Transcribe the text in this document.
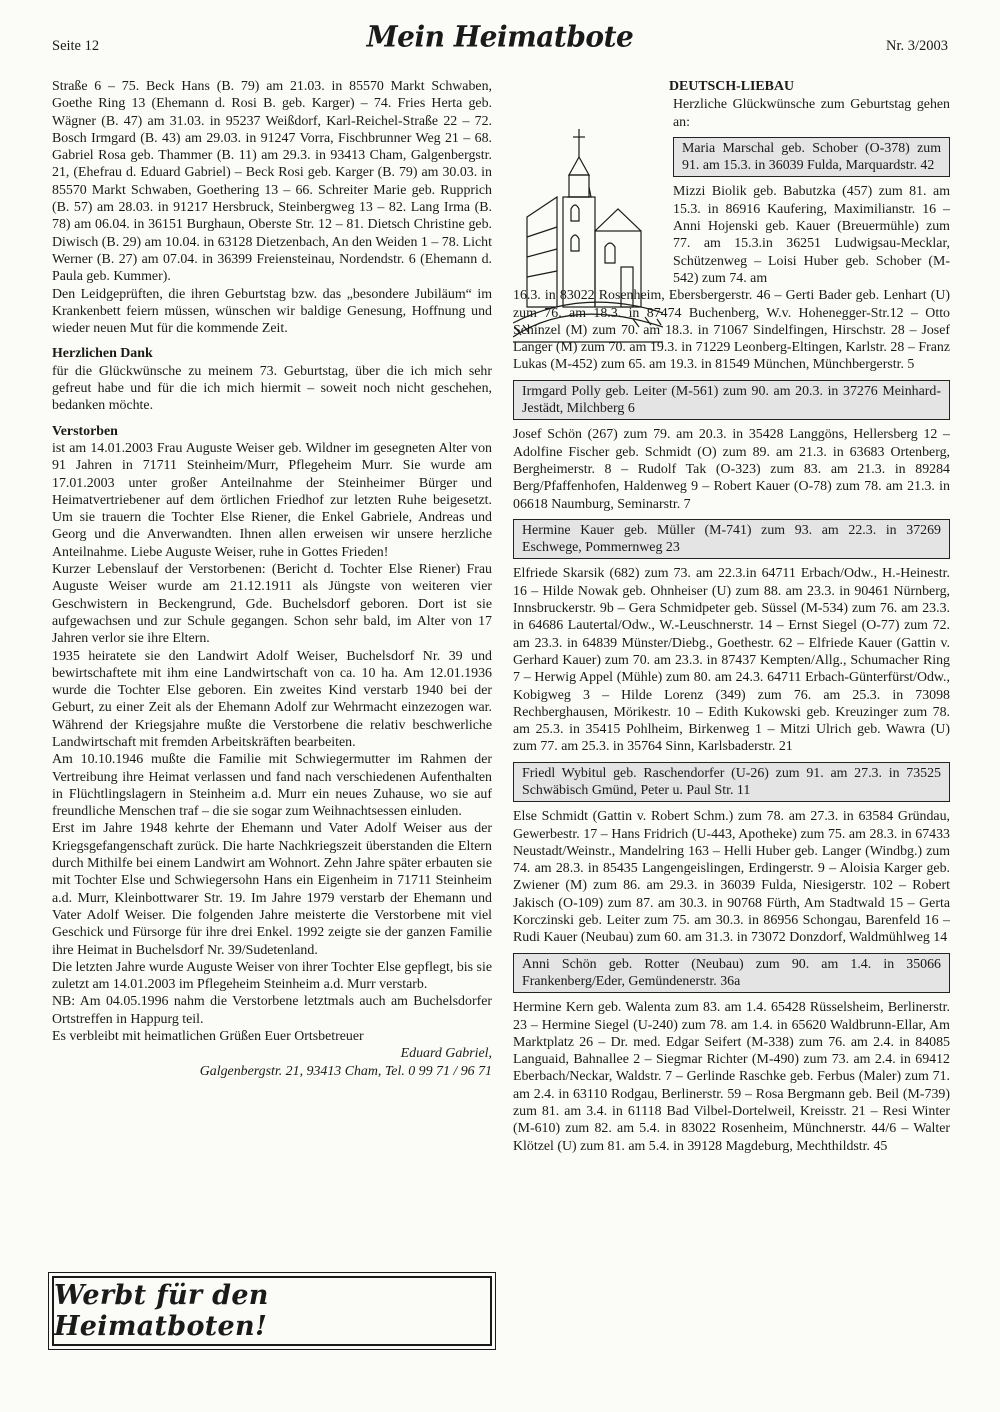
Seite 12	Mein Heimatbote	Nr. 3/2003

Straße 6 – 75. Beck Hans (B. 79) am 21.03. in 85570 Markt Schwaben, Goethe Ring 13 (Ehemann d. Rosi B. geb. Karger) – 74. Fries Herta geb. Wägner (B. 47) am 31.03. in 95237 Weißdorf, Karl-Reichel-Straße 22 – 72. Bosch Irmgard (B. 43) am 29.03. in 91247 Vorra, Fischbrunner Weg 21 – 68. Gabriel Rosa geb. Thammer (B. 11) am 29.3. in 93413 Cham, Galgenbergstr. 21, (Ehefrau d. Eduard Gabriel) – Beck Rosi geb. Karger (B. 79) am 30.03. in 85570 Markt Schwaben, Goethering 13 – 66. Schreiter Marie geb. Rupprich (B. 57) am 28.03. in 91217 Hersbruck, Steinbergweg 13 – 82. Lang Irma (B. 78) am 06.04. in 36151 Burghaun, Oberste Str. 12 – 81. Dietsch Christine geb. Diwisch (B. 29) am 10.04. in 63128 Dietzenbach, An den Weiden 1 – 78. Licht Werner (B. 27) am 07.04. in 36399 Freiensteinau, Nordendstr. 6 (Ehemann d. Paula geb. Kummer).

Den Leidgeprüften, die ihren Geburtstag bzw. das „besondere Jubiläum“ im Krankenbett feiern müssen, wünschen wir baldige Genesung, Hoffnung und wieder neuen Mut für die kommende Zeit.

Herzlichen Dank

für die Glückwünsche zu meinem 73. Geburtstag, über die ich mich sehr gefreut habe und für die ich mich hiermit – soweit noch nicht geschehen, bedanken möchte.

Verstorben

ist am 14.01.2003 Frau Auguste Weiser geb. Wildner im gesegneten Alter von 91 Jahren in 71711 Steinheim/Murr, Pflegeheim Murr. Sie wurde am 17.01.2003 unter großer Anteilnahme der Steinheimer Bürger und Heimatvertriebener auf dem örtlichen Friedhof zur letzten Ruhe beigesetzt. Um sie trauern die Tochter Else Riener, die Enkel Gabriele, Andreas und Georg und die Anverwandten. Ihnen allen erweisen wir unsere herzliche Anteilnahme. Liebe Auguste Weiser, ruhe in Gottes Frieden!

Kurzer Lebenslauf der Verstorbenen: (Bericht d. Tochter Else Riener) Frau Auguste Weiser wurde am 21.12.1911 als Jüngste von weiteren vier Geschwistern in Beckengrund, Gde. Buchelsdorf geboren. Dort ist sie aufgewachsen und zur Schule gegangen. Schon sehr bald, im Alter von 17 Jahren verlor sie ihre Eltern.

1935 heiratete sie den Landwirt Adolf Weiser, Buchelsdorf Nr. 39 und bewirtschaftete mit ihm eine Landwirtschaft von ca. 10 ha. Am 12.01.1936 wurde die Tochter Else geboren. Ein zweites Kind verstarb 1940 bei der Geburt, zu einer Zeit als der Ehemann Adolf zur Wehrmacht einzezogen war. Während der Kriegsjahre mußte die Verstorbene die relativ beschwerliche Landwirtschaft mit fremden Arbeitskräften bearbeiten.

Am 10.10.1946 mußte die Familie mit Schwiegermutter im Rahmen der Vertreibung ihre Heimat verlassen und fand nach verschiedenen Aufenthalten in Flüchtlingslagern in Steinheim a.d. Murr ein neues Zuhause, wo sie auf freundliche Menschen traf – die sie sogar zum Weihnachtsessen einluden.

Erst im Jahre 1948 kehrte der Ehemann und Vater Adolf Weiser aus der Kriegsgefangenschaft zurück. Die harte Nachkriegszeit überstanden die Eltern durch Mithilfe bei einem Landwirt am Wohnort. Zehn Jahre später erbauten sie mit Tochter Else und Schwiegersohn Hans ein Eigenheim in 71711 Steinheim a.d. Murr, Kleinbottwarer Str. 19. Im Jahre 1979 verstarb der Ehemann und Vater Adolf Weiser. Die folgenden Jahre meisterte die Verstorbene mit viel Geschick und Fürsorge für ihre drei Enkel. 1992 zeigte sie der ganzen Familie ihre Heimat in Buchelsdorf Nr. 39/Sudetenland.

Die letzten Jahre wurde Auguste Weiser von ihrer Tochter Else gepflegt, bis sie zuletzt am 14.01.2003 im Pflegeheim Steinheim a.d. Murr verstarb.

NB: Am 04.05.1996 nahm die Verstorbene letztmals auch am Buchelsdorfer Ortstreffen in Happurg teil.

Es verbleibt mit heimatlichen Grüßen Euer Ortsbetreuer

Eduard Gabriel,

Galgenbergstr. 21, 93413 Cham, Tel. 0 99 71 / 96 71

Werbt für den Heimatboten!

DEUTSCH-LIEBAU

Herzliche Glückwünsche zum Geburtstag gehen an:

Maria Marschal geb. Schober (O-378) zum 91. am 15.3. in 36039 Fulda, Marquardstr. 42

Mizzi Biolik geb. Babutzka (457) zum 81. am 15.3. in 86916 Kaufering, Maximilianstr. 16 – Anni Hojenski geb. Kauer (Breuermühle) zum 77. am 15.3.in 36251 Ludwigsau-Mecklar, Schützenweg – Loisi Huber geb. Schober (M-542) zum 74. am

16.3. in 83022 Rosenheim, Ebersbergerstr. 46 – Gerti Bader geb. Lenhart (U) zum 76. am 18.3. in 87474 Buchenberg, W.v. Hohenegger-Str.12 – Otto Schinzel (M) zum 70. am 18.3. in 71067 Sindelfingen, Hirschstr. 28 – Josef Langer (M) zum 70. am 19.3. in 71229 Leonberg-Eltingen, Karlstr. 28 – Franz Lukas (M-452) zum 65. am 19.3. in 81549 München, Münchbergerstr. 5

Irmgard Polly geb. Leiter (M-561) zum 90. am 20.3. in 37276 Meinhard-Jestädt, Milchberg 6

Josef Schön (267) zum 79. am 20.3. in 35428 Langgöns, Hellersberg 12 – Adolfine Fischer geb. Schmidt (O) zum 89. am 21.3. in 63683 Ortenberg, Bergheimerstr. 8 – Rudolf Tak (O-323) zum 83. am 21.3. in 89284 Berg/Pfaffenhofen, Haldenweg 9 – Robert Kauer (O-78) zum 78. am 21.3. in 06618 Naumburg, Seminarstr. 7

Hermine Kauer geb. Müller (M-741) zum 93. am 22.3. in 37269 Eschwege, Pommernweg 23

Elfriede Skarsik (682) zum 73. am 22.3.in 64711 Erbach/Odw., H.-Heinestr. 16 – Hilde Nowak geb. Ohnheiser (U) zum 88. am 23.3. in 90461 Nürnberg, Innsbruckerstr. 9b – Gera Schmidpeter geb. Süssel (M-534) zum 76. am 23.3. in 64686 Lautertal/Odw., W.-Leuschnerstr. 14 – Ernst Siegel (O-77) zum 72. am 23.3. in 64839 Münster/Diebg., Goethestr. 62 – Elfriede Kauer (Gattin v. Gerhard Kauer) zum 70. am 23.3. in 87437 Kempten/Allg., Schumacher Ring 7 – Herwig Appel (Mühle) zum 80. am 24.3. 64711 Erbach-Günterfürst/Odw., Kobigweg 3 – Hilde Lorenz (349) zum 76. am 25.3. in 73098 Rechberghausen, Mörikestr. 10 – Edith Kukowski geb. Kreuzinger zum 78. am 25.3. in 35415 Pohlheim, Birkenweg 1 – Mitzi Ulrich geb. Wawra (U) zum 77. am 25.3. in 35764 Sinn, Karlsbaderstr. 21

Friedl Wybitul geb. Raschendorfer (U-26) zum 91. am 27.3. in 73525 Schwäbisch Gmünd, Peter u. Paul Str. 11

Else Schmidt (Gattin v. Robert Schm.) zum 78. am 27.3. in 63584 Gründau, Gewerbestr. 17 – Hans Fridrich (U-443, Apotheke) zum 75. am 28.3. in 67433 Neustadt/Weinstr., Mandelring 163 – Helli Huber geb. Langer (Windbg.) zum 74. am 28.3. in 85435 Langengeislingen, Erdingerstr. 9 – Aloisia Karger geb. Zwiener (M) zum 86. am 29.3. in 36039 Fulda, Niesigerstr. 102 – Robert Jakisch (O-109) zum 87. am 30.3. in 90768 Fürth, Am Stadtwald 15 – Gerta Korczinski geb. Leiter zum 75. am 30.3. in 86956 Schongau, Barenfeld 16 – Rudi Kauer (Neubau) zum 60. am 31.3. in 73072 Donzdorf, Waldmühlweg 14

Anni Schön geb. Rotter (Neubau) zum 90. am 1.4. in 35066 Frankenberg/Eder, Gemündenerstr. 36a

Hermine Kern geb. Walenta zum 83. am 1.4. 65428 Rüsselsheim, Berlinerstr. 23 – Hermine Siegel (U-240) zum 78. am 1.4. in 65620 Waldbrunn-Ellar, Am Marktplatz 26 – Dr. med. Edgar Seifert (M-338) zum 76. am 2.4. in 84085 Languaid, Bahnallee 2 – Siegmar Richter (M-490) zum 73. am 2.4. in 69412 Eberbach/Neckar, Waldstr. 7 – Gerlinde Raschke geb. Ferbus (Maler) zum 71. am 2.4. in 63110 Rodgau, Berlinerstr. 59 – Rosa Bergmann geb. Beil (M-739) zum 81. am 3.4. in 61118 Bad Vilbel-Dortelweil, Kreisstr. 21 – Resi Winter (M-610) zum 82. am 5.4. in 83022 Rosenheim, Münchnerstr. 44/6 – Walter Klötzel (U) zum 81. am 5.4. in 39128 Magdeburg, Mechthildstr. 45
